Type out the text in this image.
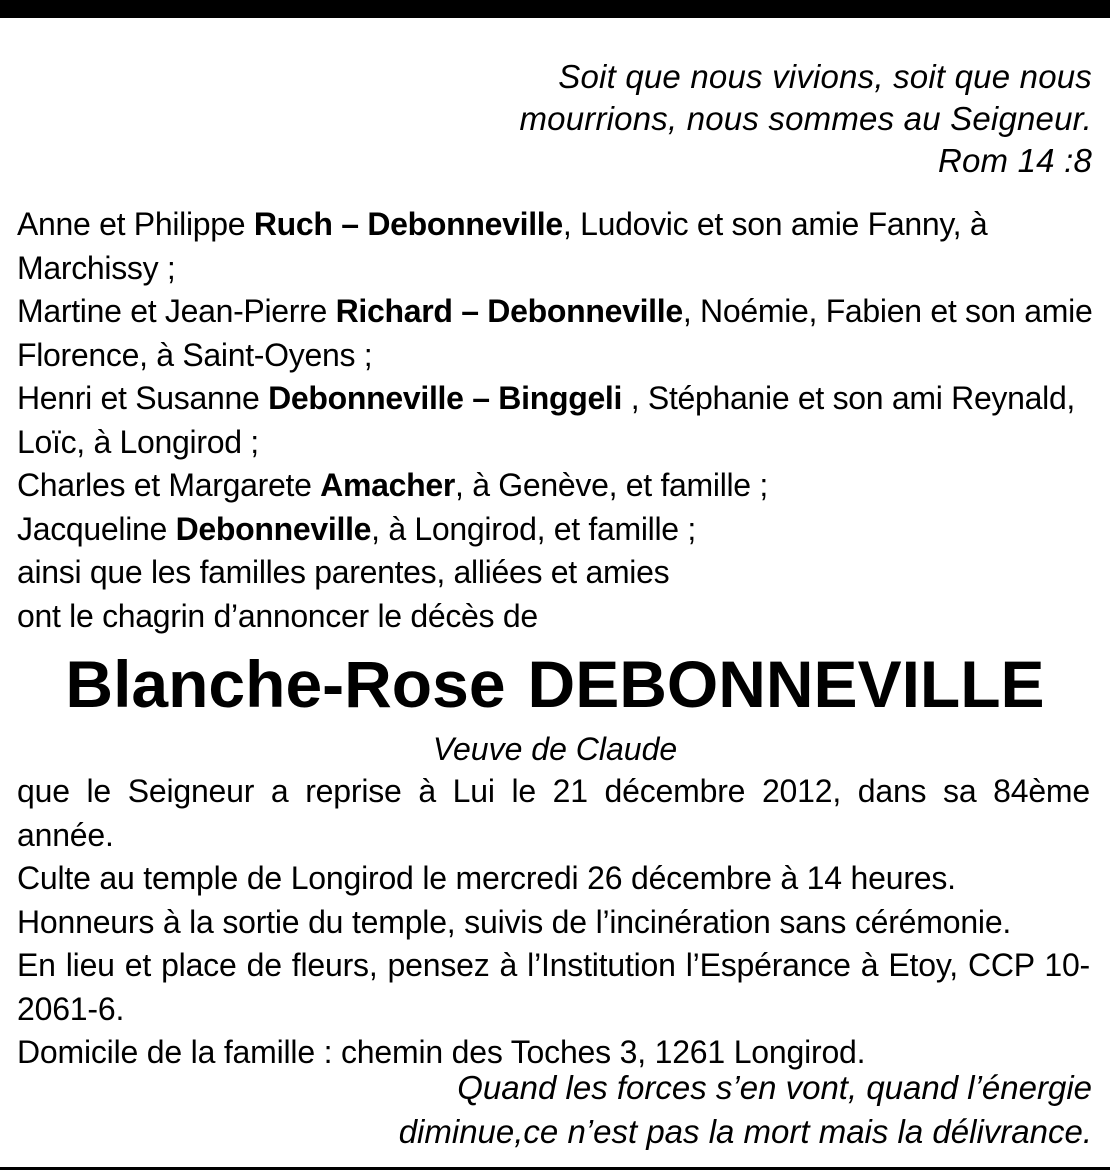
Soit que nous vivions, soit que nous
mourrions, nous sommes au Seigneur.
Rom 14 :8
Anne et Philippe Ruch – Debonneville, Ludovic et son amie Fanny, à Marchissy ;
Martine et Jean-Pierre Richard – Debonneville, Noémie, Fabien et son amie Florence, à Saint-Oyens ;
Henri et Susanne Debonneville – Binggeli , Stéphanie et son ami Reynald, Loïc, à Longirod ;
Charles et Margarete Amacher, à Genève, et famille ;
Jacqueline Debonneville, à Longirod, et famille ;
ainsi que les familles parentes, alliées et amies
ont le chagrin d’annoncer le décès de
Blanche-Rose DEBONNEVILLE
Veuve de Claude
que le Seigneur a reprise à Lui le 21 décembre 2012, dans sa 84ème année.
Culte au temple de Longirod le mercredi 26 décembre à 14 heures.
Honneurs à la sortie du temple, suivis de l’incinération sans cérémonie.
En lieu et place de fleurs, pensez à l’Institution l’Espérance à Etoy, CCP 10-2061-6.
Domicile de la famille : chemin des Toches 3, 1261 Longirod.
Quand les forces s’en vont, quand l’énergie
diminue,ce n’est pas la mort mais la délivrance.
